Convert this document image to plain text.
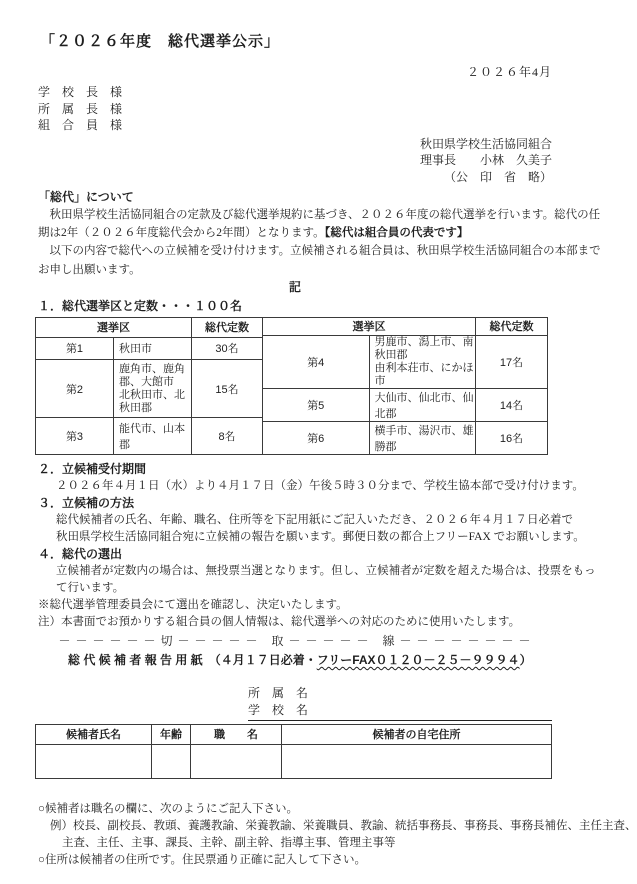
「２０２６年度　総代選挙公示」
２０２６年4月
学　校　長　様
所　属　長　様
組　合　員　様
秋田県学校生活協同組合
理事長　　小林　久美子
（公　印　省　略）
「総代」について
　秋田県学校生活協同組合の定款及び総代選挙規約に基づき、２０２６年度の総代選挙を行います。総代の任
期は2年（２０２６年度総代会から2年間）となります。【総代は組合員の代表です】
　以下の内容で総代への立候補を受け付けます。立候補される組合員は、秋田県学校生活協同組合の本部まで
お申し出願います。
記
１．総代選挙区と定数・・・１００名
選挙区		総代定数
第1	秋田市	30名
第2	鹿角市、鹿角郡、大館市
北秋田市、北秋田郡	15名
第3	能代市、山本郡	8名
選挙区		総代定数
第4	男鹿市、潟上市、南秋田郡
由利本荘市、にかほ市	17名
第5	大仙市、仙北市、仙北郡	14名
第6	横手市、湯沢市、雄勝郡	16名
２．立候補受付期間
２０２６年４月１日（水）より４月１７日（金）午後５時３０分まで、学校生協本部で受け付けます。
３．立候補の方法
総代候補者の氏名、年齢、職名、住所等を下記用紙にご記入いただき、２０２６年４月１７日必着で
秋田県学校生活協同組合宛に立候補の報告を願います。郵便日数の都合上フリーFAX でお願いします。
４．総代の選出
立候補者が定数内の場合は、無投票当選となります。但し、立候補者が定数を超えた場合は、投票をもっ
て行います。
※総代選挙管理委員会にて選出を確認し、決定いたします。
注）本書面でお預かりする組合員の個人情報は、総代選挙への対応のために使用いたします。
－ － － － － － 切 － － － － －　取 － － － － －　線 － － － － － － － －
総 代 候 補 者 報 告 用 紙　（４月１７日必着・フリーFAX０１２０－２５－９９９４）
所　属　名
学　校　名
候補者氏名	年齢	職　　名	候補者の自宅住所

○候補者は職名の欄に、次のようにご記入下さい。
例）校長、副校長、教頭、養護教諭、栄養教諭、栄養職員、教諭、統括事務長、事務長、事務長補佐、主任主査、
主査、主任、主事、課長、主幹、副主幹、指導主事、管理主事等
○住所は候補者の住所です。住民票通り正確に記入して下さい。
